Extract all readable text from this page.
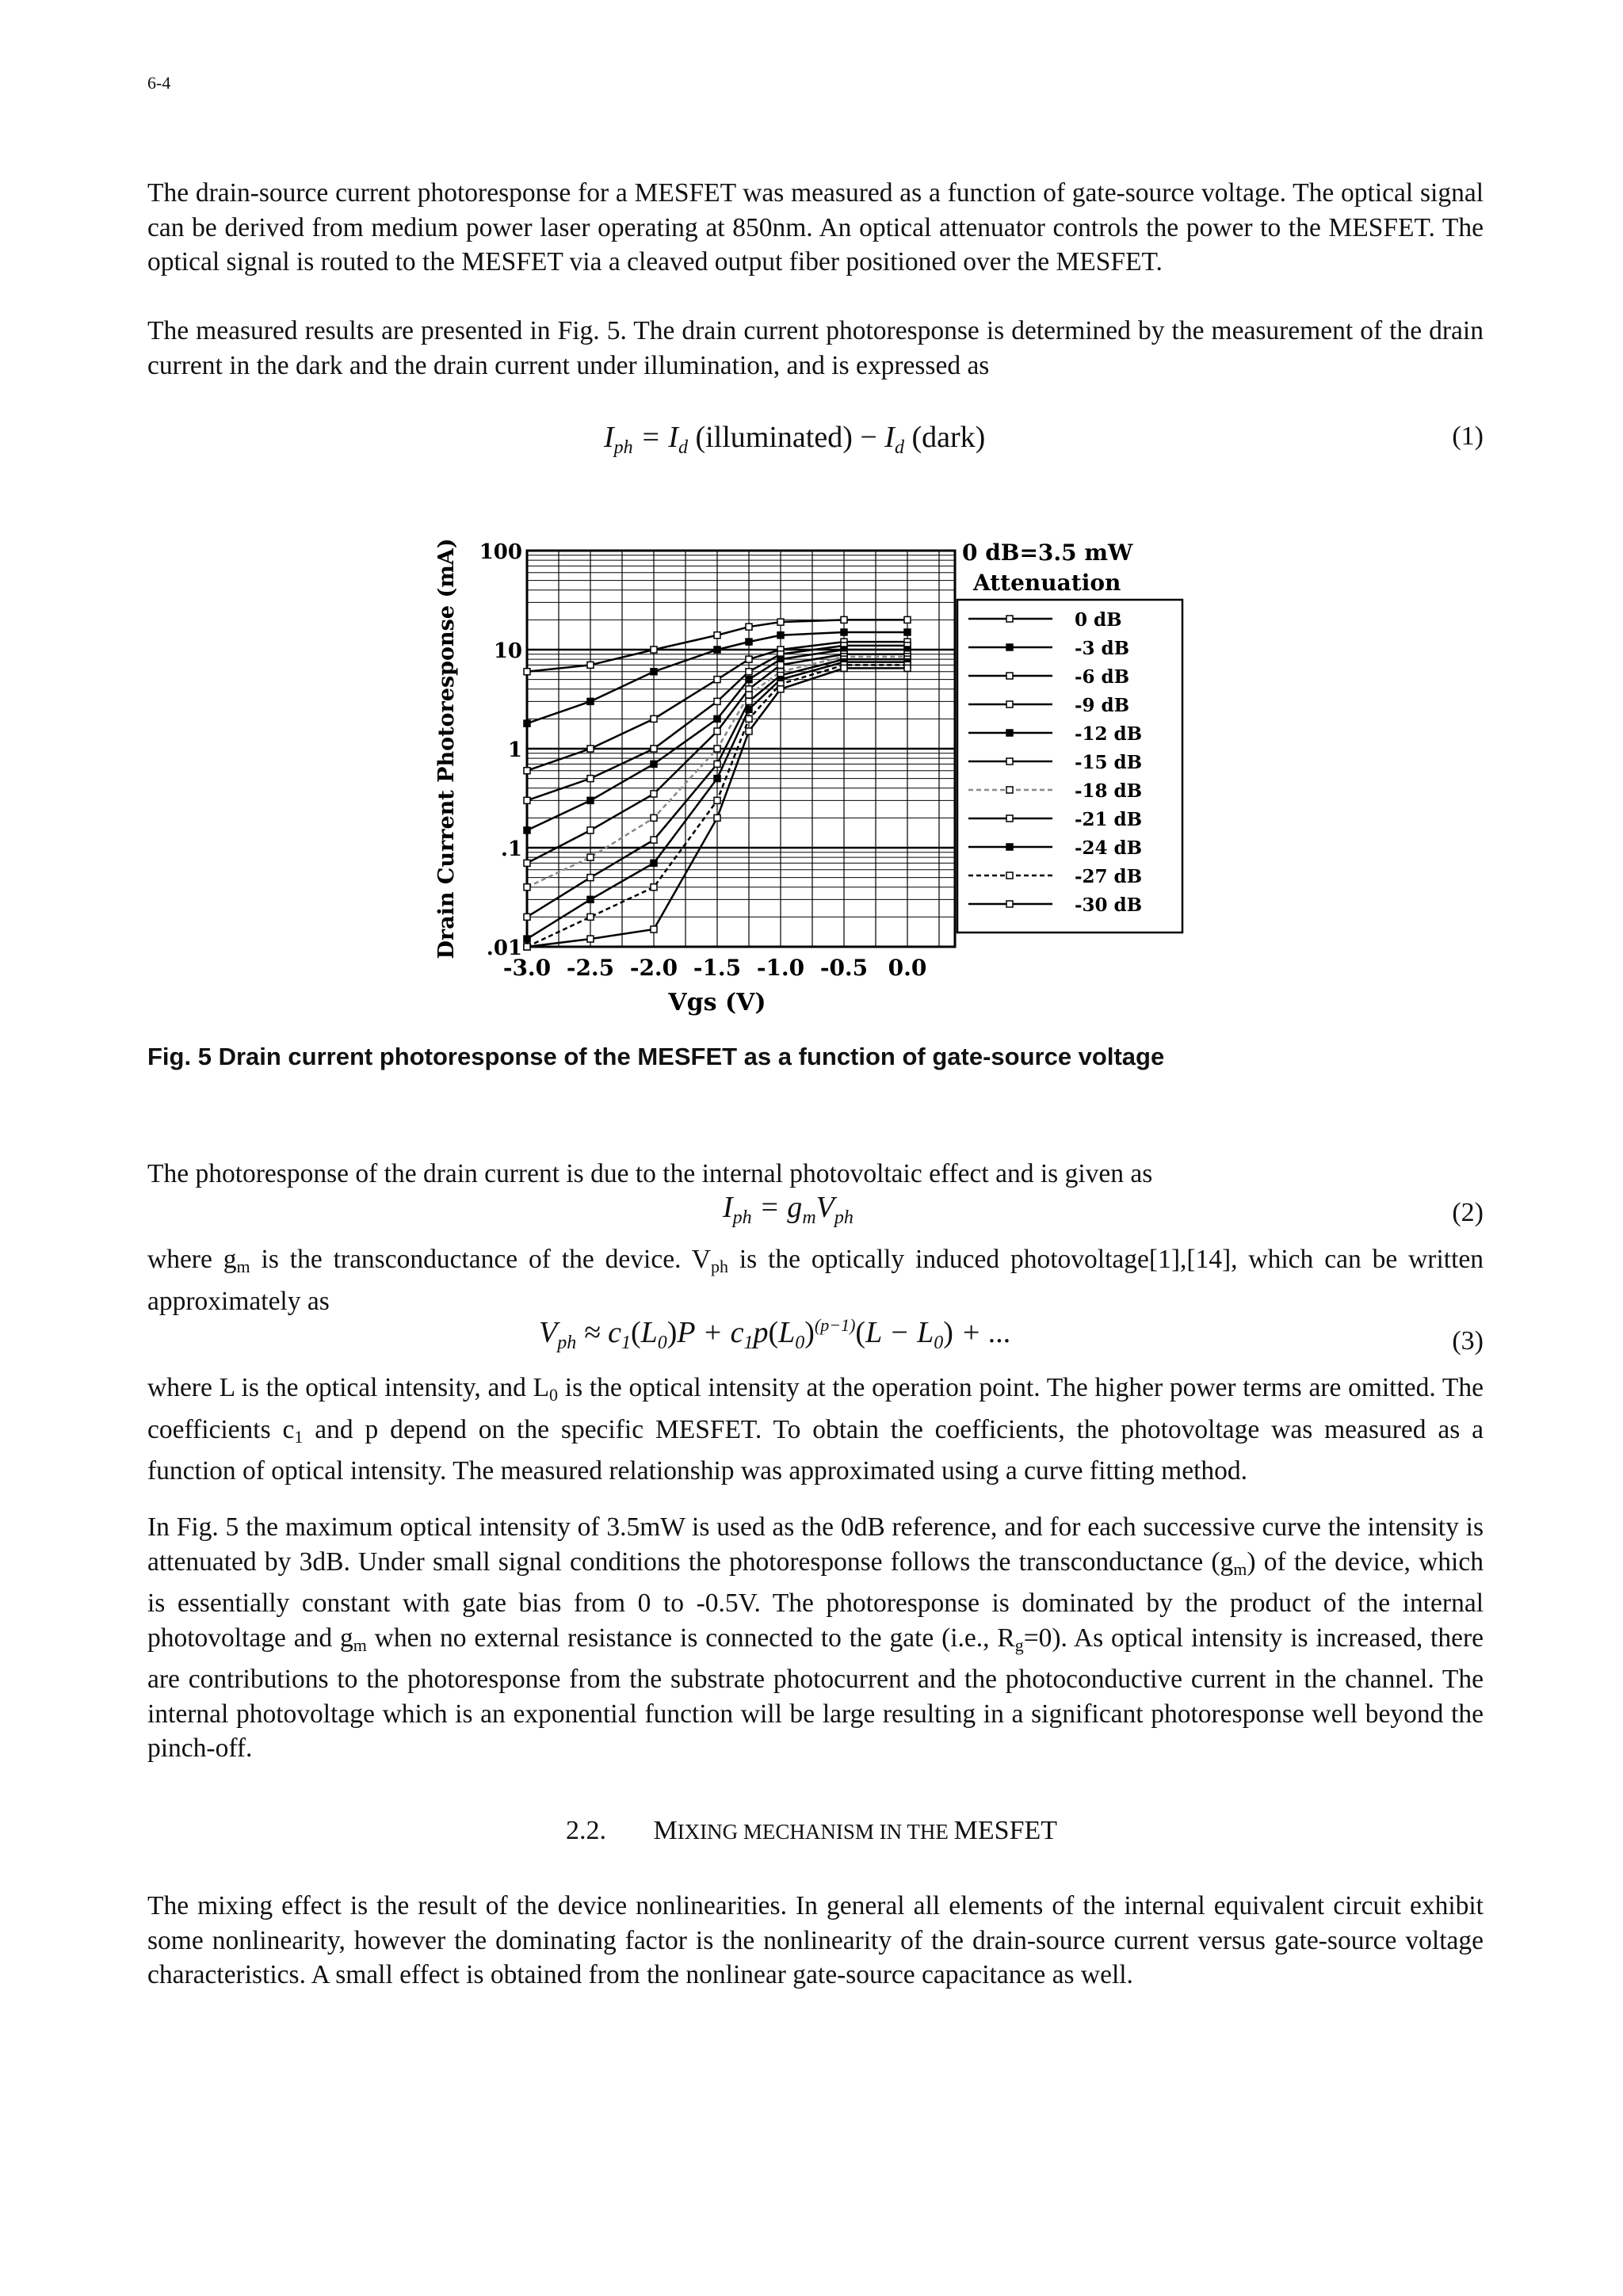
6-4

The drain-source current photoresponse for a MESFET was measured as a function of gate-source voltage. The optical signal can be derived from medium power laser operating at 850nm. An optical attenuator controls the power to the MESFET. The optical signal is routed to the MESFET via a cleaved output fiber positioned over the MESFET.

The measured results are presented in Fig. 5. The drain current photoresponse is determined by the measurement of the drain current in the dark and the drain current under illumination, and is expressed as

$I_{ph} = I_d$ (illuminated) − $I_d$ (dark)	(1)
100
10
1
.1
.01
-3.0 -2.5 -2.0 -1.5 -1.0 -0.5 0.0
Vgs (V)
Drain Current Photoresponse (mA)	0 dB=3.5 mW
Attenuation
0 dB
-3 dB
-6 dB
-9 dB
-12 dB
-15 dB
-18 dB
-21 dB
-24 dB
-27 dB
-30 dB
Fig. 5 Drain current photoresponse of the MESFET as a function of gate-source voltage

The photoresponse of the drain current is due to the internal photovoltaic effect and is given as

$I_{ph} = g_mV_{ph}$	(2)

where $g_m$ is the transconductance of the device. $V_{ph}$ is the optically induced photovoltage[1],[14], which can be written approximately as

$V_{ph} \approx c_1(L_0)P + c_1p(L_0)^{(p-1)}(L - L_0)$ + ...	(3)

where L is the optical intensity, and L0 is the optical intensity at the operation point. The higher power terms are omitted. The coefficients c1 and p depend on the specific MESFET. To obtain the coefficients, the photovoltage was measured as a function of optical intensity. The measured relationship was approximated using a curve fitting method.

In Fig. 5 the maximum optical intensity of 3.5mW is used as the 0dB reference, and for each successive curve the intensity is attenuated by 3dB. Under small signal conditions the photoresponse follows the transconductance (gm) of the device, which is essentially constant with gate bias from 0 to -0.5V. The photoresponse is dominated by the product of the internal photovoltage and gm when no external resistance is connected to the gate (i.e., Rg=0). As optical intensity is increased, there are contributions to the photoresponse from the substrate photocurrent and the photoconductive current in the channel. The internal photovoltage which is an exponential function will be large resulting in a significant photoresponse well beyond the pinch-off.

2.2. MIXING MECHANISM IN THE MESFET

The mixing effect is the result of the device nonlinearities. In general all elements of the internal equivalent circuit exhibit some nonlinearity, however the dominating factor is the nonlinearity of the drain-source current versus gate-source voltage characteristics. A small effect is obtained from the nonlinear gate-source capacitance as well.
